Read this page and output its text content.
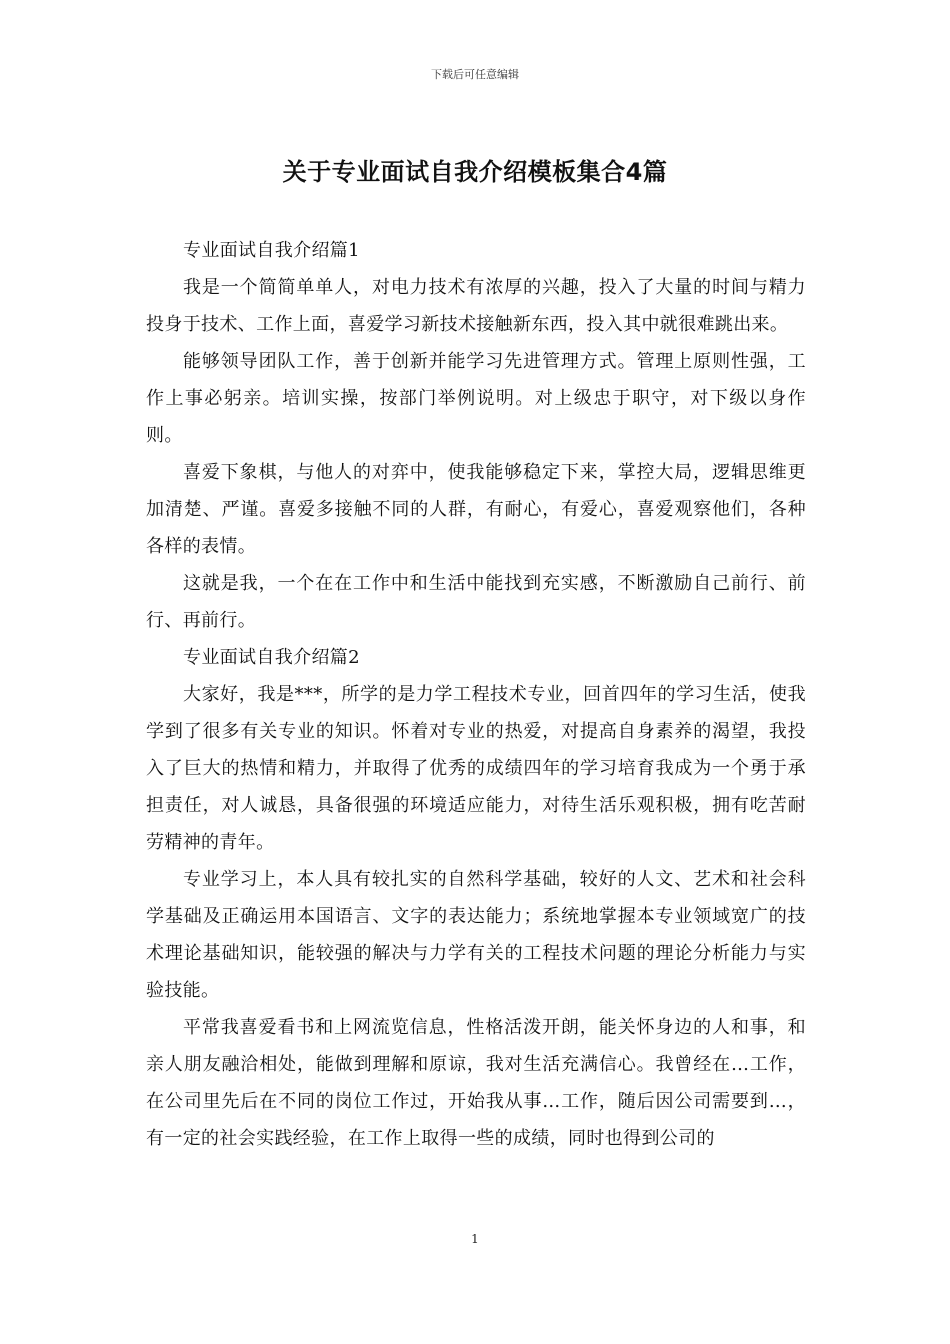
下载后可任意编辑
关于专业面试自我介绍模板集合4篇

专业面试自我介绍篇1

我是一个简简单单人，对电力技术有浓厚的兴趣，投入了大量的时间与精力投身于技术、工作上面，喜爱学习新技术接触新东西，投入其中就很难跳出来。

能够领导团队工作，善于创新并能学习先进管理方式。管理上原则性强，工作上事必躬亲。培训实操，按部门举例说明。对上级忠于职守，对下级以身作则。

喜爱下象棋，与他人的对弈中，使我能够稳定下来，掌控大局，逻辑思维更加清楚、严谨。喜爱多接触不同的人群，有耐心，有爱心，喜爱观察他们，各种各样的表情。

这就是我，一个在在工作中和生活中能找到充实感，不断激励自己前行、前行、再前行。

专业面试自我介绍篇2

大家好，我是***，所学的是力学工程技术专业，回首四年的学习生活，使我学到了很多有关专业的知识。怀着对专业的热爱，对提高自身素养的渴望，我投入了巨大的热情和精力，并取得了优秀的成绩四年的学习培育我成为一个勇于承担责任，对人诚恳，具备很强的环境适应能力，对待生活乐观积极，拥有吃苦耐劳精神的青年。

专业学习上，本人具有较扎实的自然科学基础，较好的人文、艺术和社会科学基础及正确运用本国语言、文字的表达能力；系统地掌握本专业领域宽广的技术理论基础知识，能较强的解决与力学有关的工程技术问题的理论分析能力与实验技能。

平常我喜爱看书和上网流览信息，性格活泼开朗，能关怀身边的人和事，和亲人朋友融洽相处，能做到理解和原谅，我对生活充满信心。我曾经在…工作，在公司里先后在不同的岗位工作过，开始我从事…工作，随后因公司需要到…，有一定的社会实践经验，在工作上取得一些的成绩，同时也得到公司的

1
